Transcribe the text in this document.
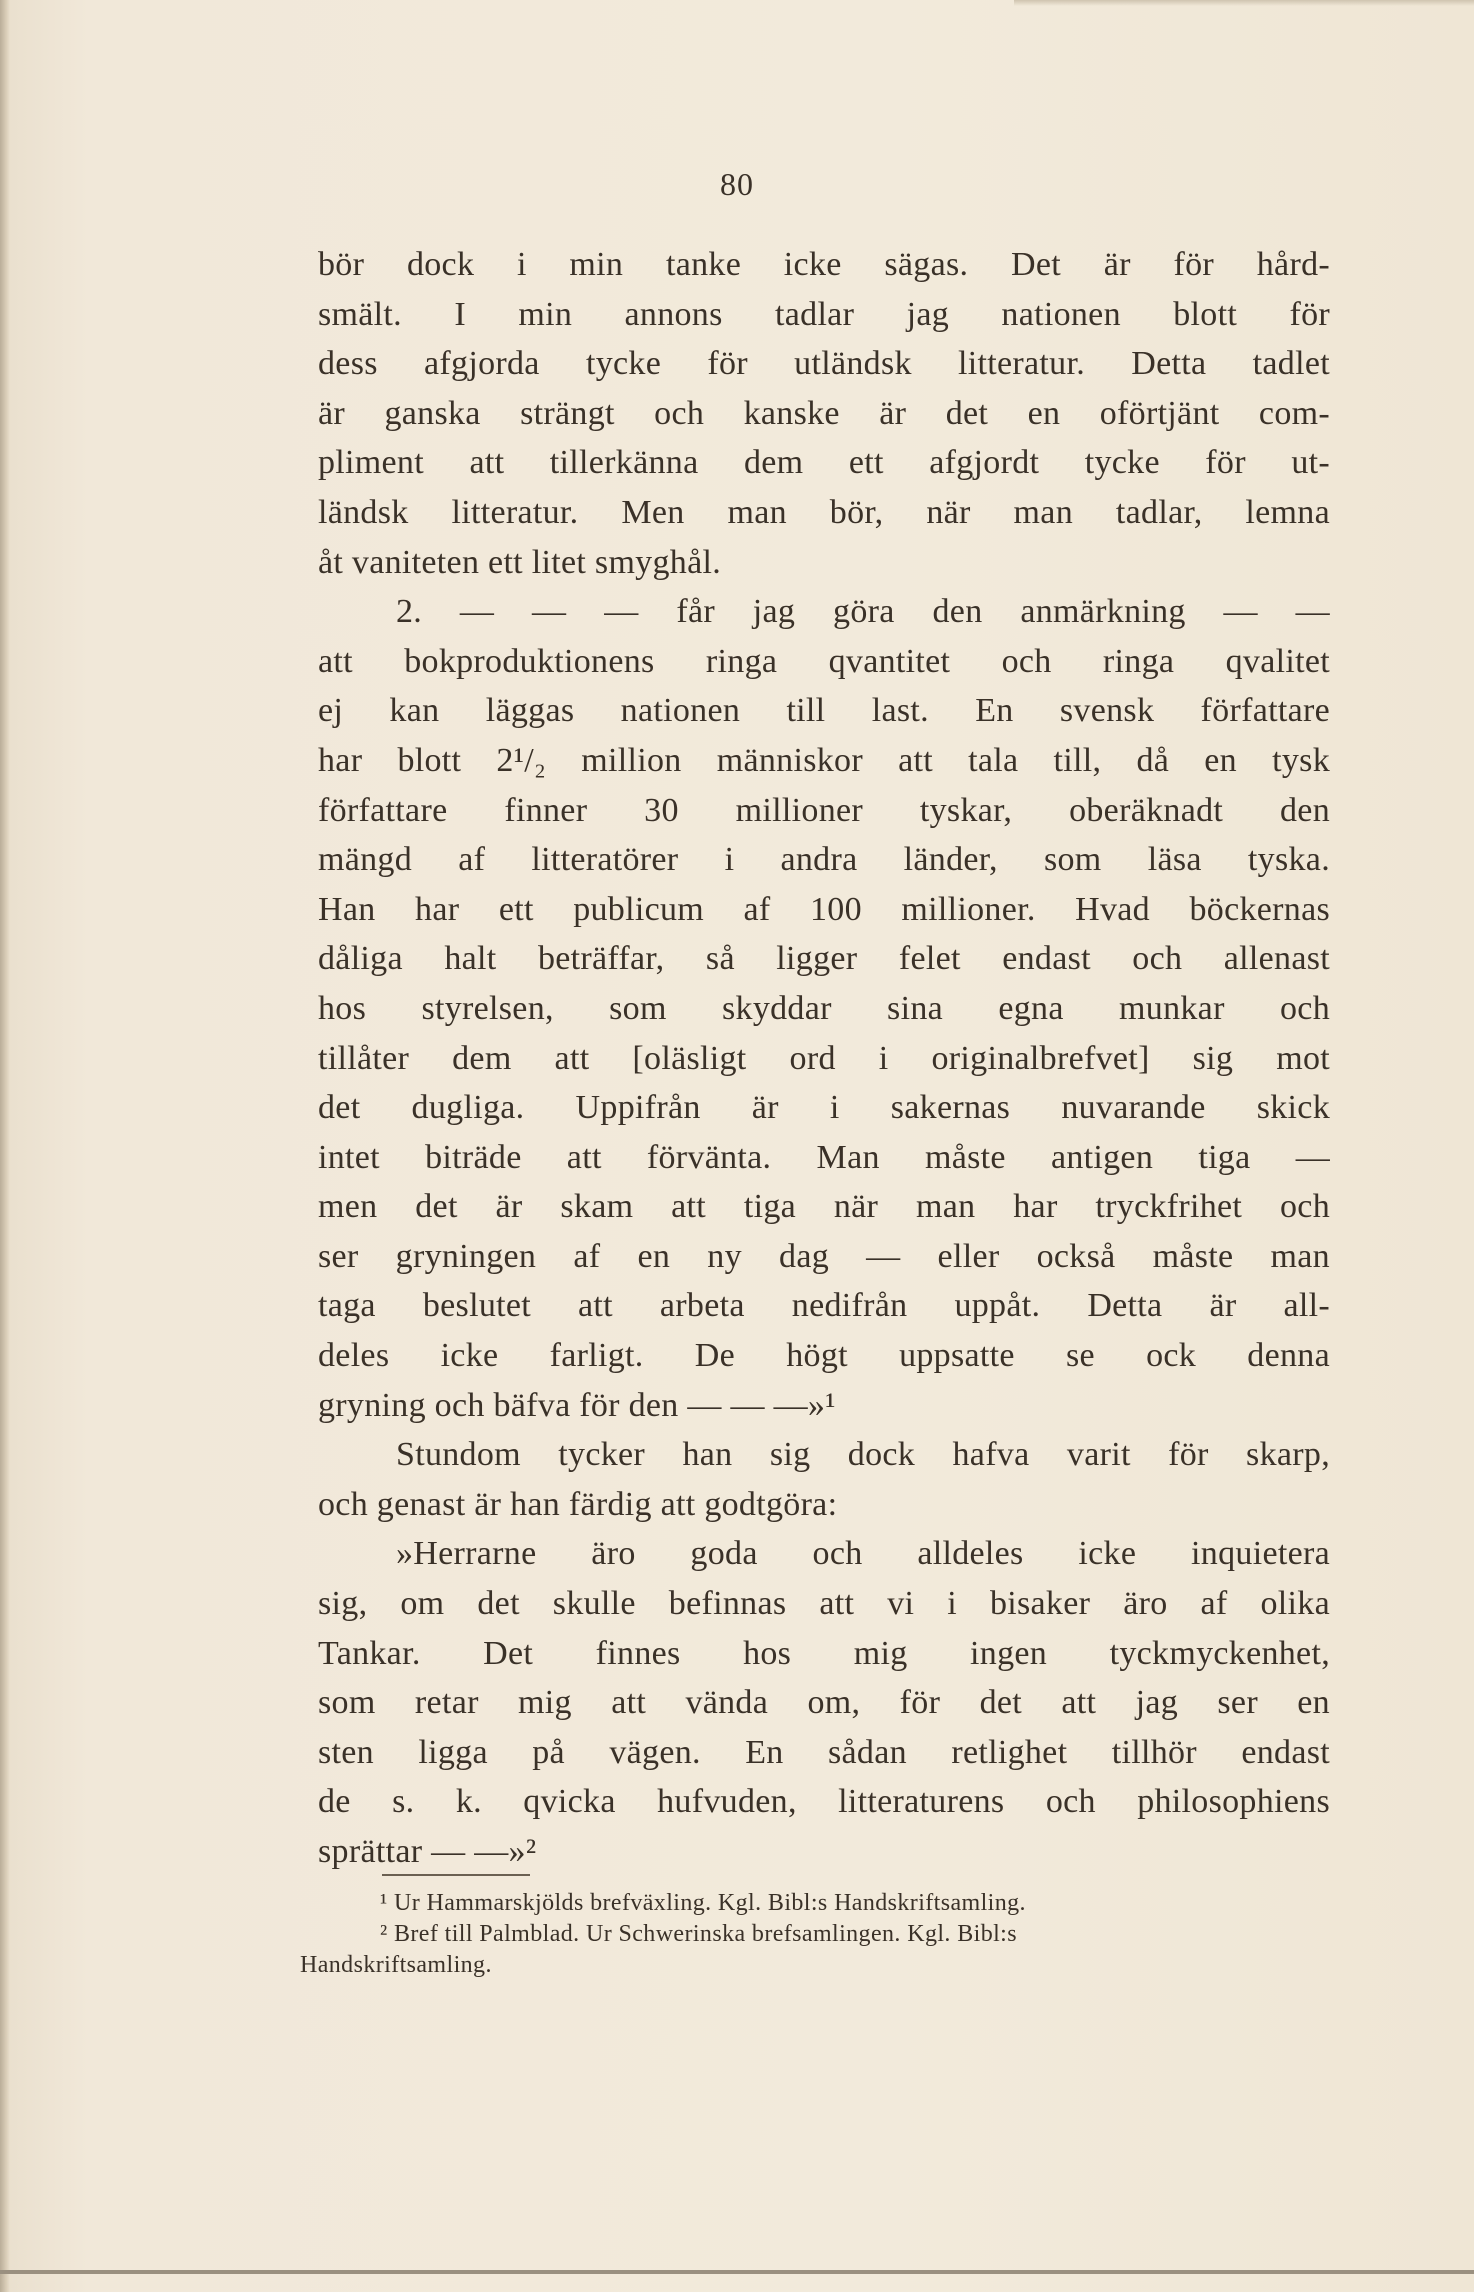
80
bör dock i min tanke icke sägas. Det är för hård-
smält. I min annons tadlar jag nationen blott för
dess afgjorda tycke för utländsk litteratur. Detta tadlet
är ganska strängt och kanske är det en oförtjänt com-
pliment att tillerkänna dem ett afgjordt tycke för ut-
ländsk litteratur. Men man bör, när man tadlar, lemna
åt vaniteten ett litet smyghål.
2. — — — får jag göra den anmärkning — —
att bokproduktionens ringa qvantitet och ringa qvalitet
ej kan läggas nationen till last. En svensk författare
har blott 2¹/₂ million människor att tala till, då en tysk
författare finner 30 millioner tyskar, oberäknadt den
mängd af litteratörer i andra länder, som läsa tyska.
Han har ett publicum af 100 millioner. Hvad böckernas
dåliga halt beträffar, så ligger felet endast och allenast
hos styrelsen, som skyddar sina egna munkar och
tillåter dem att [oläsligt ord i originalbrefvet] sig mot
det dugliga. Uppifrån är i sakernas nuvarande skick
intet biträde att förvänta. Man måste antigen tiga —
men det är skam att tiga när man har tryckfrihet och
ser gryningen af en ny dag — eller också måste man
taga beslutet att arbeta nedifrån uppåt. Detta är all-
deles icke farligt. De högt uppsatte se ock denna
gryning och bäfva för den — — —»¹
Stundom tycker han sig dock hafva varit för skarp,
och genast är han färdig att godtgöra:
»Herrarne äro goda och alldeles icke inquietera
sig, om det skulle befinnas att vi i bisaker äro af olika
Tankar. Det finnes hos mig ingen tyckmyckenhet,
som retar mig att vända om, för det att jag ser en
sten ligga på vägen. En sådan retlighet tillhör endast
de s. k. qvicka hufvuden, litteraturens och philosophiens
sprättar — —»²
¹ Ur Hammarskjölds brefväxling. Kgl. Bibl:s Handskriftsamling.
² Bref till Palmblad. Ur Schwerinska brefsamlingen. Kgl. Bibl:s
Handskriftsamling.
